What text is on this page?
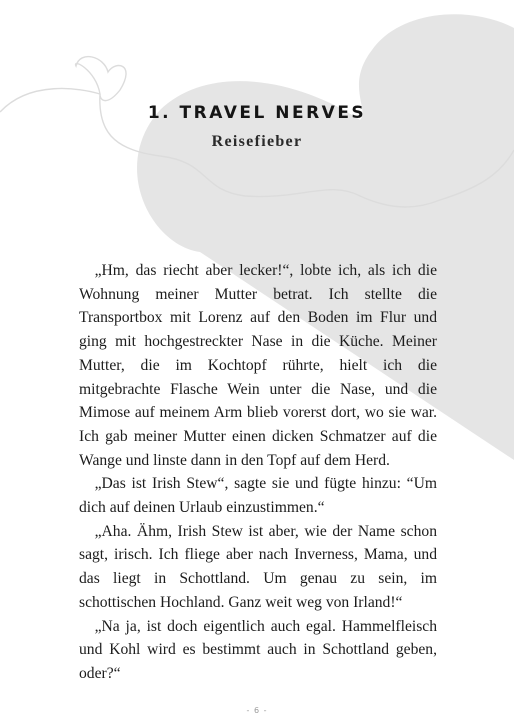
1. TRAVEL NERVES
Reisefieber

„Hm, das riecht aber lecker!“, lobte ich, als ich die Wohnung meiner Mutter betrat. Ich stellte die Transportbox mit Lorenz auf den Boden im Flur und ging mit hochgestreckter Nase in die Küche. Meiner Mutter, die im Kochtopf rührte, hielt ich die mitgebrachte Flasche Wein unter die Nase, und die Mimose auf meinem Arm blieb vorerst dort, wo sie war. Ich gab meiner Mutter einen dicken Schmatzer auf die Wange und linste dann in den Topf auf dem Herd.

„Das ist Irish Stew“, sagte sie und fügte hinzu: “Um dich auf deinen Urlaub einzustimmen.“

„Aha. Ähm, Irish Stew ist aber, wie der Name schon sagt, irisch. Ich fliege aber nach Inverness, Mama, und das liegt in Schottland. Um genau zu sein, im schottischen Hochland. Ganz weit weg von Irland!“

„Na ja, ist doch eigentlich auch egal. Hammelfleisch und Kohl wird es bestimmt auch in Schottland geben, oder?“

- 6 -
